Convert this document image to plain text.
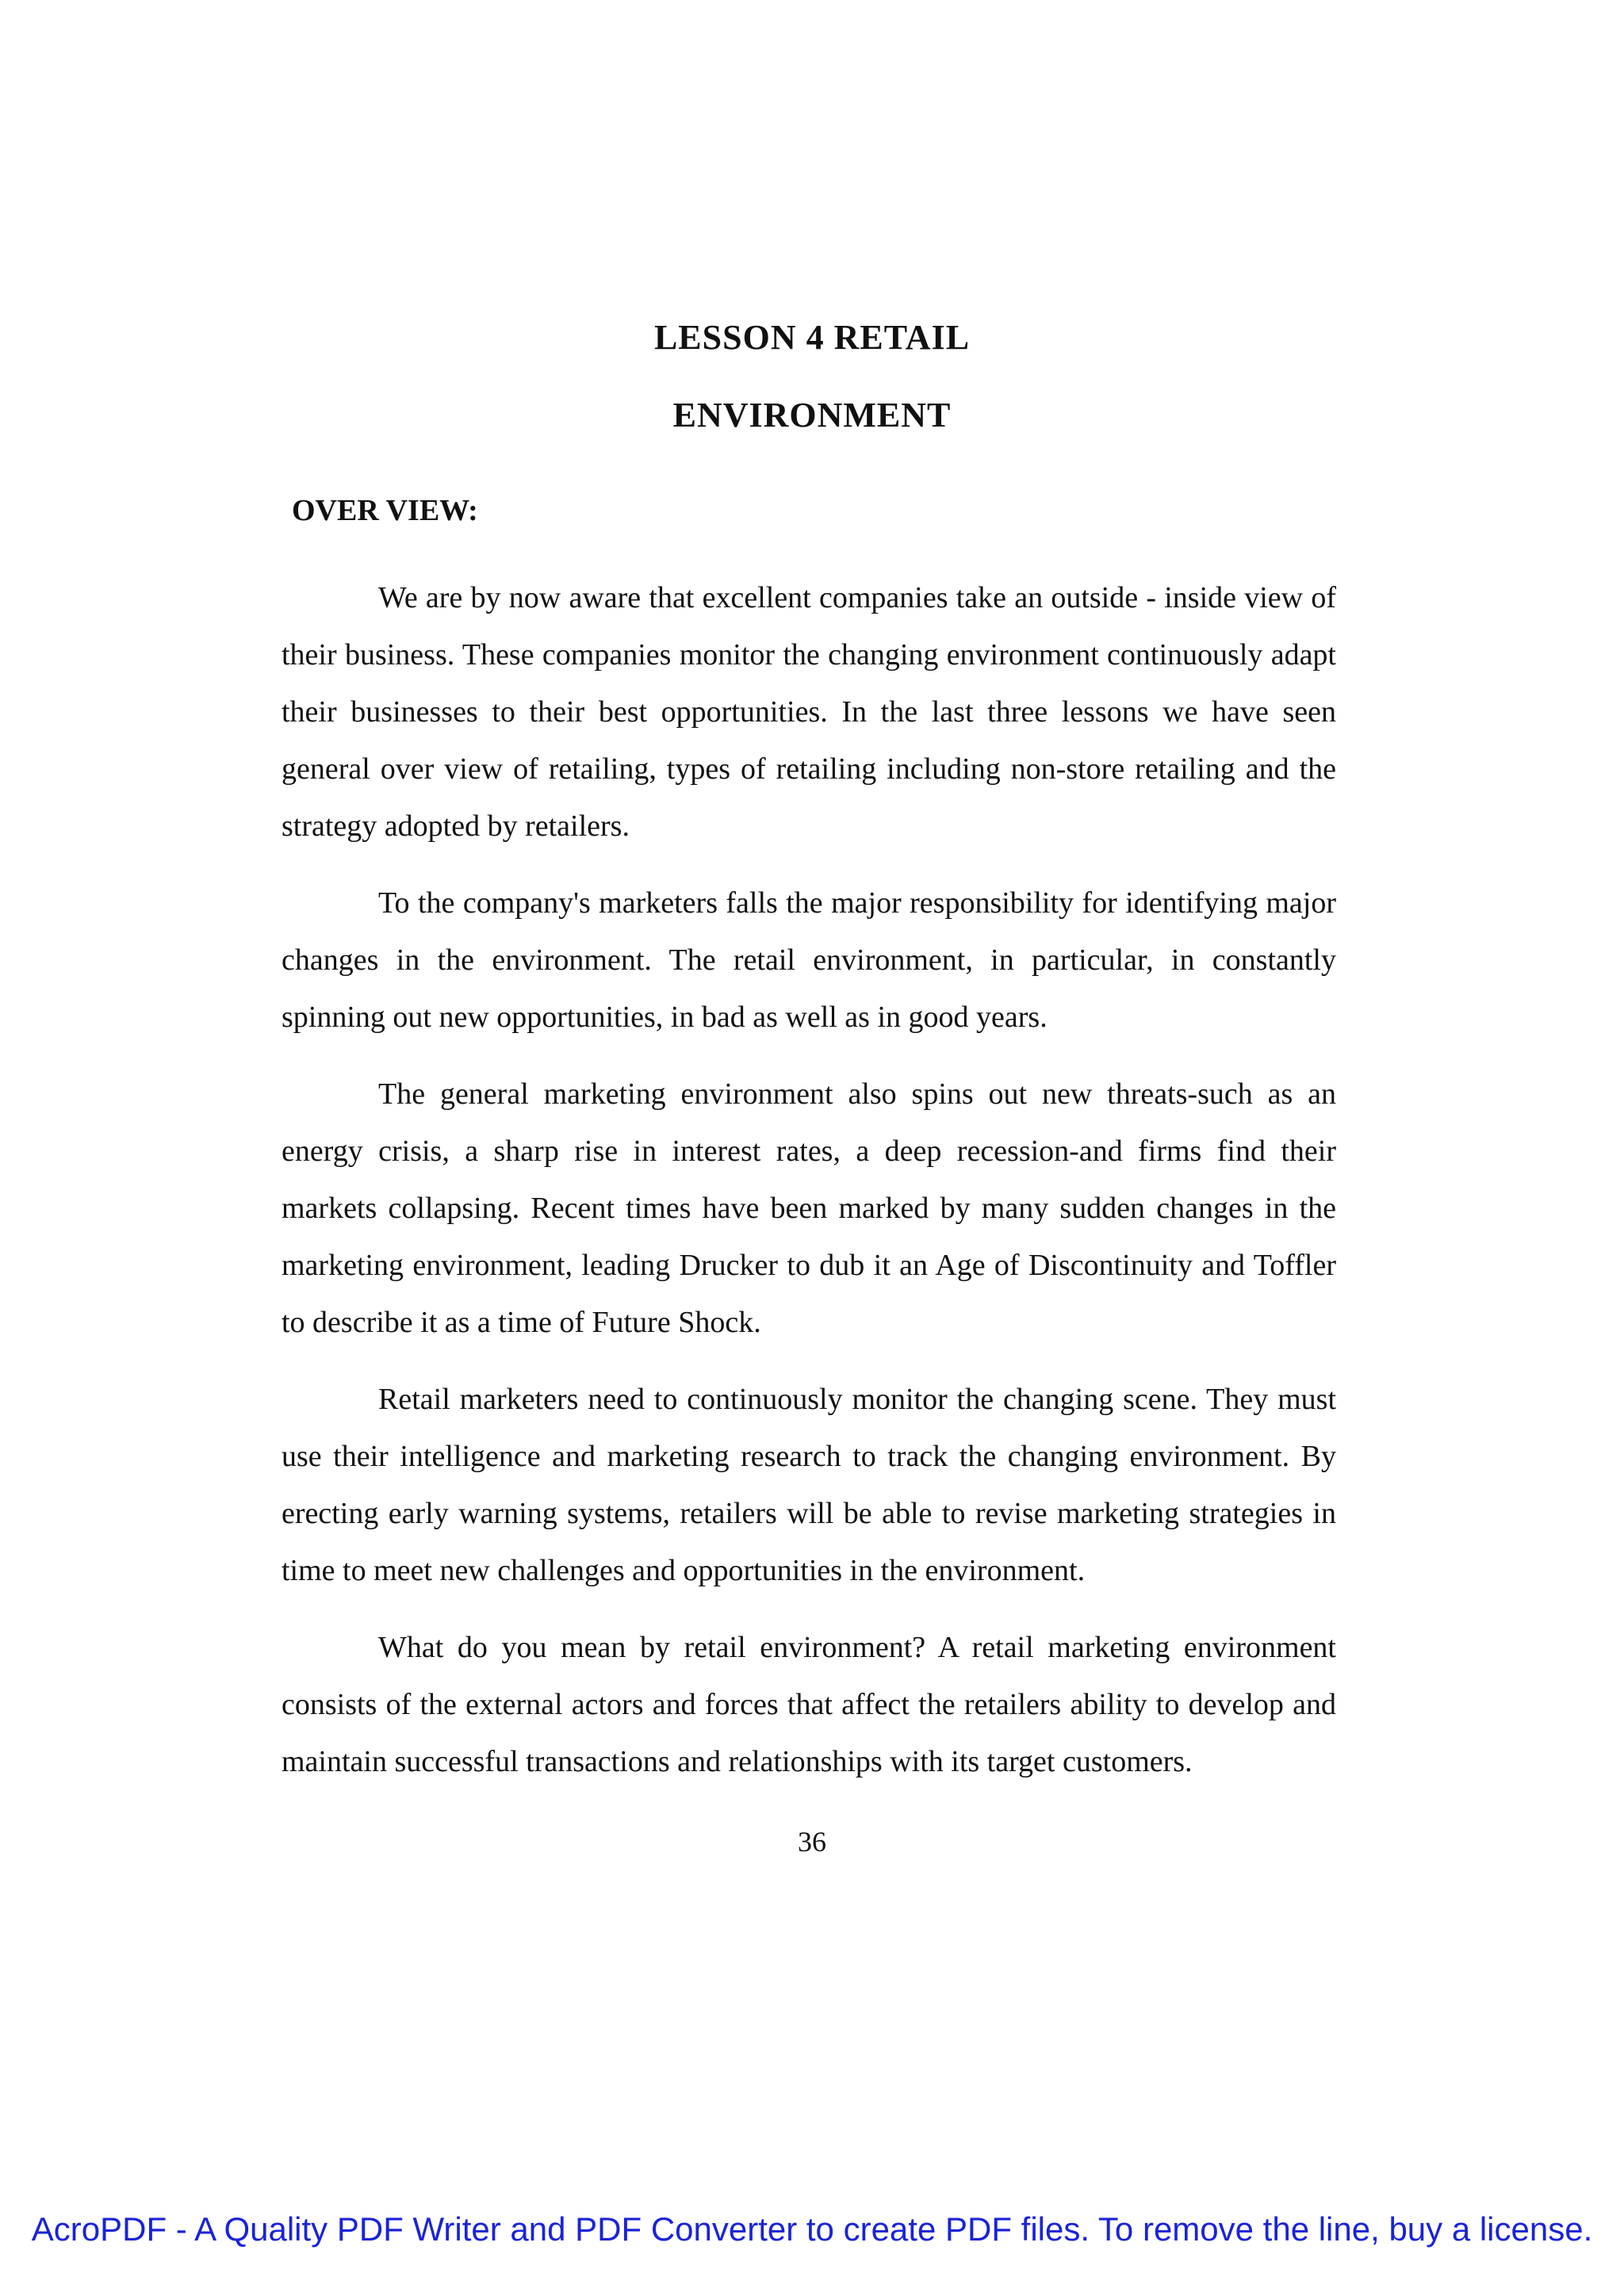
LESSON 4 RETAIL
ENVIRONMENT
OVER VIEW:

We are by now aware that excellent companies take an outside - inside view of their business. These companies monitor the changing environment continuously adapt their businesses to their best opportunities. In the last three lessons we have seen general over view of retailing, types of retailing including non-store retailing and the strategy adopted by retailers.

To the company's marketers falls the major responsibility for identifying major changes in the environment. The retail environment, in particular, in constantly spinning out new opportunities, in bad as well as in good years.

The general marketing environment also spins out new threats-such as an energy crisis, a sharp rise in interest rates, a deep recession-and firms find their markets collapsing. Recent times have been marked by many sudden changes in the marketing environment, leading Drucker to dub it an Age of Discontinuity and Toffler to describe it as a time of Future Shock.

Retail marketers need to continuously monitor the changing scene. They must use their intelligence and marketing research to track the changing environment. By erecting early warning systems, retailers will be able to revise marketing strategies in time to meet new challenges and opportunities in the environment.

What do you mean by retail environment? A retail marketing environment consists of the external actors and forces that affect the retailers ability to develop and maintain successful transactions and relationships with its target customers.

36

AcroPDF - A Quality PDF Writer and PDF Converter to create PDF files. To remove the line, buy a license.
